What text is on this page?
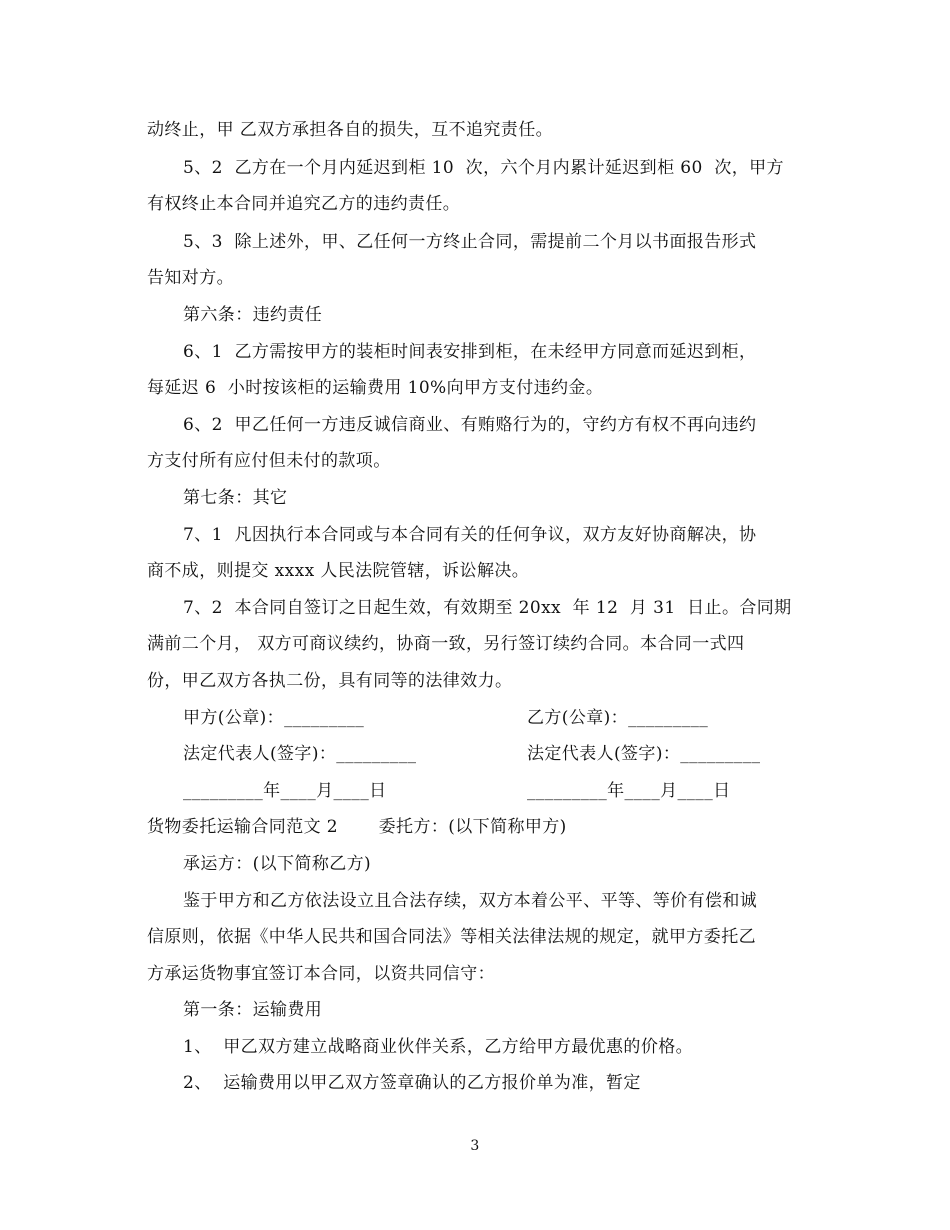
动终止，甲 乙双方承担各自的损失，互不追究责任。
5、2  乙方在一个月内延迟到柜 10  次，六个月内累计延迟到柜 60  次，甲方
有权终止本合同并追究乙方的违约责任。
5、3  除上述外，甲、乙任何一方终止合同，需提前二个月以书面报告形式
告知对方。
第六条：违约责任
6、1  乙方需按甲方的装柜时间表安排到柜，在未经甲方同意而延迟到柜，
每延迟 6  小时按该柜的运输费用 10%向甲方支付违约金。
6、2  甲乙任何一方违反诚信商业、有贿赂行为的，守约方有权不再向违约
方支付所有应付但未付的款项。
第七条：其它
7、1  凡因执行本合同或与本合同有关的任何争议，双方友好协商解决，协
商不成，则提交 xxxx 人民法院管辖，诉讼解决。
7、2  本合同自签订之日起生效，有效期至 20xx  年 12  月 31  日止。合同期
满前二个月， 双方可商议续约，协商一致，另行签订续约合同。本合同一式四
份，甲乙双方各执二份，具有同等的法律效力。
甲方(公章)：_________	乙方(公章)：_________
法定代表人(签字)：_________	法定代表人(签字)：_________
_________年____月____日	_________年____月____日
货物委托运输合同范文 2       委托方：(以下简称甲方)
承运方：(以下简称乙方)
鉴于甲方和乙方依法设立且合法存续，双方本着公平、平等、等价有偿和诚
信原则，依据《中华人民共和国合同法》等相关法律法规的规定，就甲方委托乙
方承运货物事宜签订本合同，以资共同信守：
第一条：运输费用
1、  甲乙双方建立战略商业伙伴关系，乙方给甲方最优惠的价格。
2、  运输费用以甲乙双方签章确认的乙方报价单为准，暂定
3
